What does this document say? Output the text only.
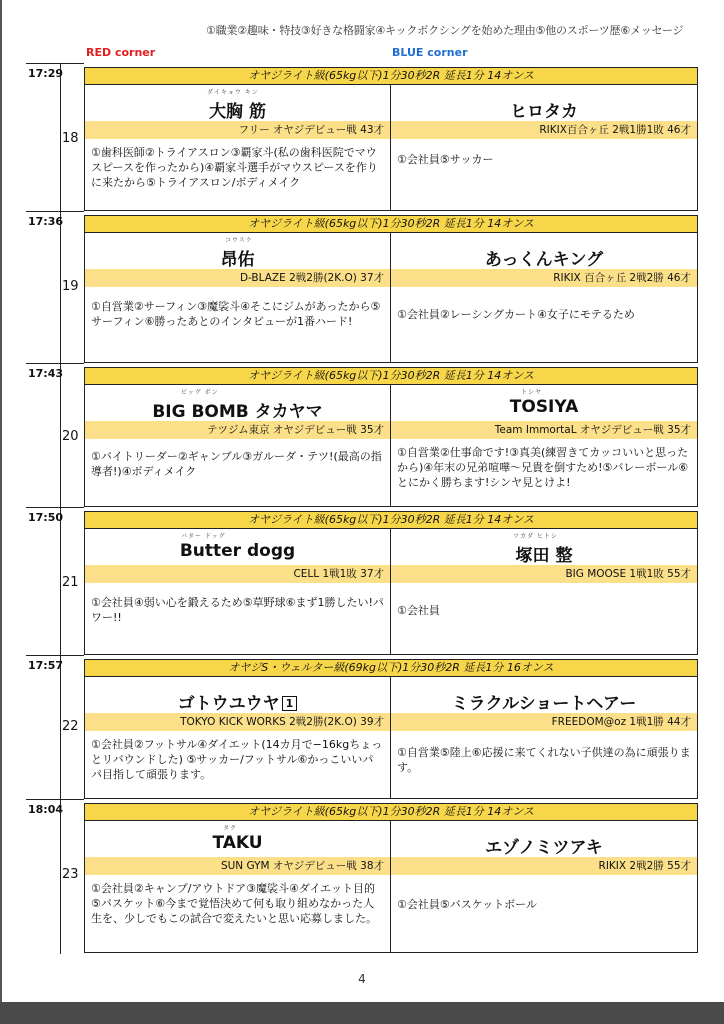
①職業②趣味・特技③好きな格闘家④キックボクシングを始めた理由⑤他のスポーツ歴⑥メッセージ
RED corner	BLUE corner
17:29
18
オヤジライト級(65kg以下)1分30秒2R 延長1分 14オンス
ダイキョウ キン
大胸 筋
フリー オヤジデビュー戦 43才
①歯科医師②トライアスロン③覇家斗(私の歯科医院でマウスピースを作ったから)④覇家斗選手がマウスピースを作りに来たから⑤トライアスロン/ボディメイク
ヒロタカ
RIKIX百合ヶ丘 2戦1勝1敗 46才
①会社員⑤サッカー
17:36
19
オヤジライト級(65kg以下)1分30秒2R 延長1分 14オンス
コウスケ
昂佑
D-BLAZE 2戦2勝(2K.O) 37才
①自営業②サーフィン③魔裟斗④そこにジムがあったから⑤サーフィン⑥勝ったあとのインタビューが1番ハード!
あっくんキング
RIKIX 百合ヶ丘 2戦2勝 46才
①会社員②レーシングカート④女子にモテるため
17:43
20
オヤジライト級(65kg以下)1分30秒2R 延長1分 14オンス
ビッグ ボン
BIG BOMB タカヤマ
テツジム東京 オヤジデビュー戦 35才
①バイトリーダー②ギャンブル③ガルーダ・テツ!(最高の指導者!)④ボディメイク
トシヤ
TOSIYA
Team ImmortaL オヤジデビュー戦 35才
①自営業②仕事命です!③真美(練習きてカッコいいと思ったから)④年末の兄弟喧嘩〜兄貴を倒すため!⑤バレーボール⑥とにかく勝ちます!シンヤ見とけよ!
17:50
21
オヤジライト級(65kg以下)1分30秒2R 延長1分 14オンス
バター ドッグ
Butter dogg
CELL 1戦1敗 37才
①会社員④弱い心を鍛えるため⑤草野球⑥まず1勝したい!パワー!!
ツカダ ヒトシ
塚田 整
BIG MOOSE 1戦1敗 55才
①会社員
17:57
22
オヤジS・ウェルター級(69kg以下)1分30秒2R 延長1分 16オンス
ゴトウユウヤ 1
TOKYO KICK WORKS 2戦2勝(2K.O) 39才
①会社員②フットサル④ダイエット(14カ月で−16kgちょっとリバウンドした) ⑤サッカー/フットサル⑥かっこいいパパ目指して頑張ります。
ミラクルショートヘアー
FREEDOM@oz 1戦1勝 44才
①自営業⑤陸上⑥応援に来てくれない子供達の為に頑張ります。
18:04
23
オヤジライト級(65kg以下)1分30秒2R 延長1分 14オンス
タク
TAKU
SUN GYM オヤジデビュー戦 38才
①会社員②キャンプ/アウトドア③魔裟斗④ダイエット目的⑤バスケット⑥今まで覚悟決めて何も取り組めなかった人生を、少しでもこの試合で変えたいと思い応募しました。
エゾノミツアキ
RIKIX 2戦2勝 55才
①会社員⑤バスケットボール
4
